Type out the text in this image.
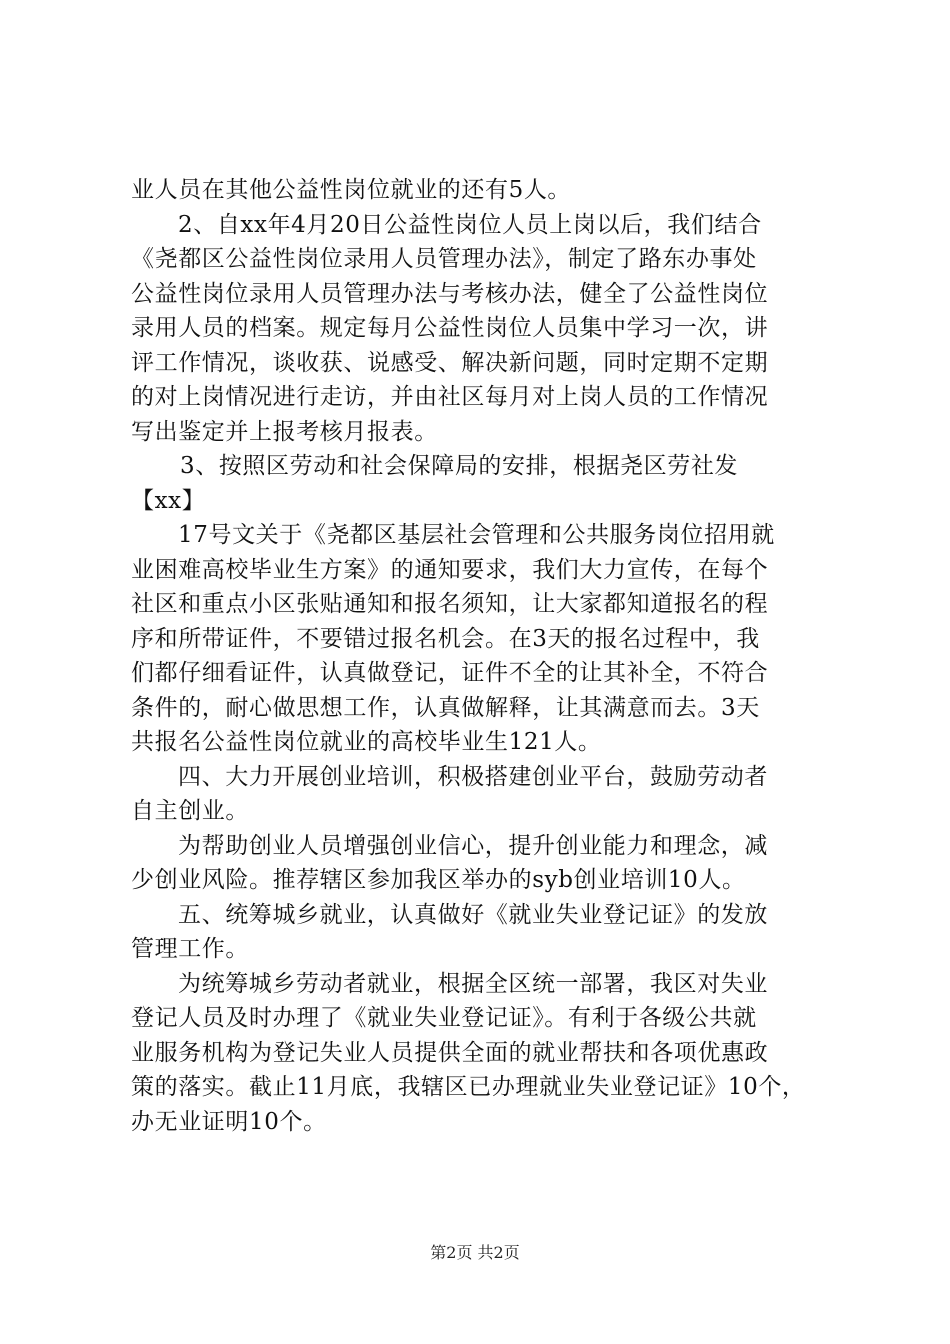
业人员在其他公益性岗位就业的还有5人。
2、自xx年4月20日公益性岗位人员上岗以后，我们结合
《尧都区公益性岗位录用人员管理办法》，制定了路东办事处
公益性岗位录用人员管理办法与考核办法，健全了公益性岗位
录用人员的档案。规定每月公益性岗位人员集中学习一次，讲
评工作情况，谈收获、说感受、解决新问题，同时定期不定期
的对上岗情况进行走访，并由社区每月对上岗人员的工作情况
写出鉴定并上报考核月报表。
3、按照区劳动和社会保障局的安排，根据尧区劳社发
【xx】
17号文关于《尧都区基层社会管理和公共服务岗位招用就
业困难高校毕业生方案》的通知要求，我们大力宣传，在每个
社区和重点小区张贴通知和报名须知，让大家都知道报名的程
序和所带证件，不要错过报名机会。在3天的报名过程中，我
们都仔细看证件，认真做登记，证件不全的让其补全，不符合
条件的，耐心做思想工作，认真做解释，让其满意而去。3天
共报名公益性岗位就业的高校毕业生121人。
四、大力开展创业培训，积极搭建创业平台，鼓励劳动者
自主创业。
为帮助创业人员增强创业信心，提升创业能力和理念，减
少创业风险。推荐辖区参加我区举办的syb创业培训10人。
五、统筹城乡就业，认真做好《就业失业登记证》的发放
管理工作。
为统筹城乡劳动者就业，根据全区统一部署，我区对失业
登记人员及时办理了《就业失业登记证》。有利于各级公共就
业服务机构为登记失业人员提供全面的就业帮扶和各项优惠政
策的落实。截止11月底，我辖区已办理就业失业登记证》10个，
办无业证明10个。
第2页 共2页
